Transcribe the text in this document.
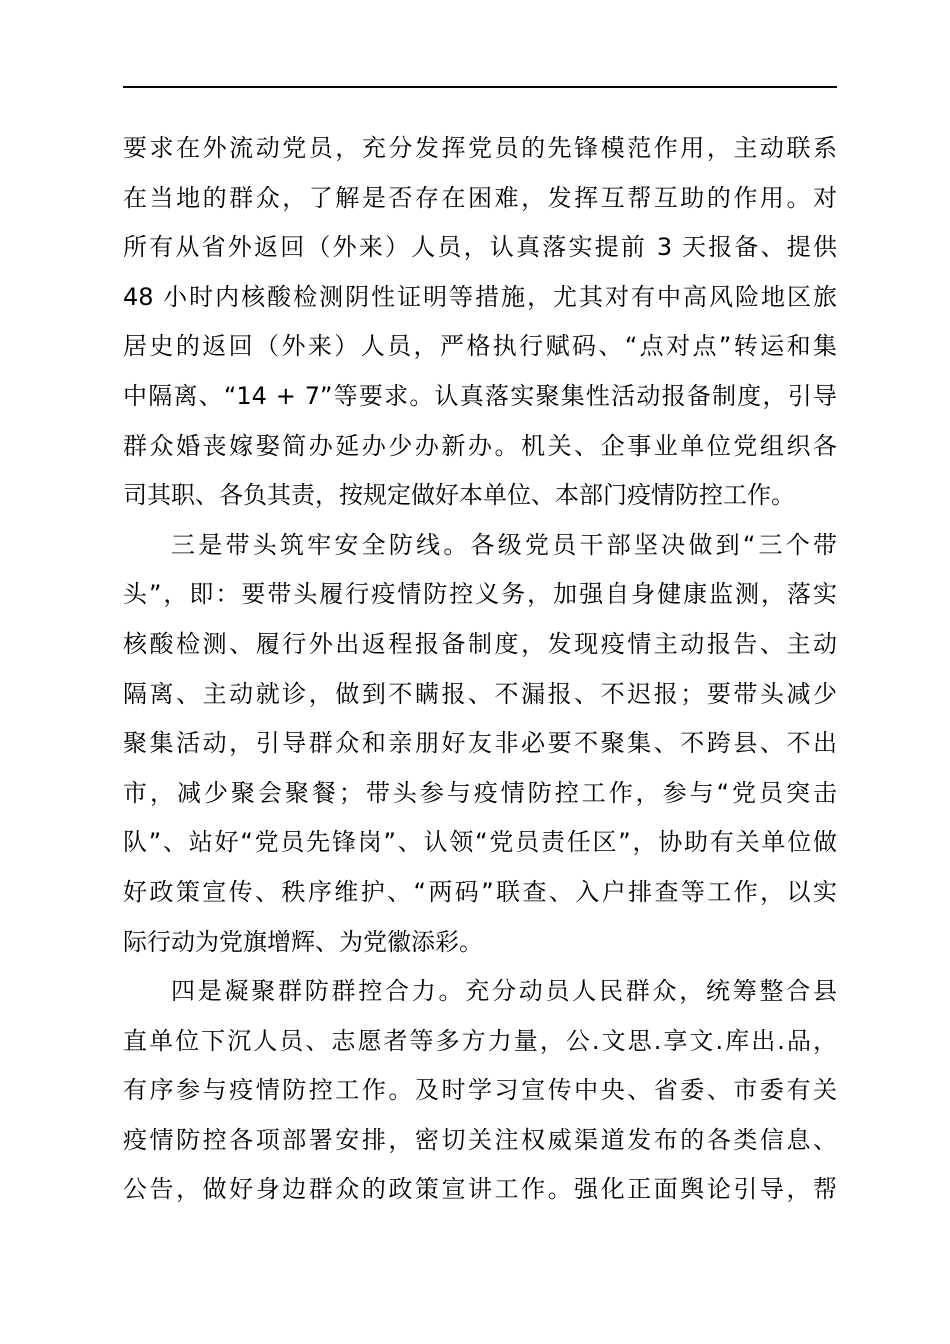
要求在外流动党员，充分发挥党员的先锋模范作用，主动联系
在当地的群众，了解是否存在困难，发挥互帮互助的作用。对
所有从省外返回（外来）人员，认真落实提前 3 天报备、提供
48 小时内核酸检测阴性证明等措施，尤其对有中高风险地区旅
居史的返回（外来）人员，严格执行赋码、“点对点”转运和集
中隔离、“14 + 7”等要求。认真落实聚集性活动报备制度，引导
群众婚丧嫁娶简办延办少办新办。机关、企事业单位党组织各
司其职、各负其责，按规定做好本单位、本部门疫情防控工作。
三是带头筑牢安全防线。各级党员干部坚决做到“三个带
头”，即：要带头履行疫情防控义务，加强自身健康监测，落实
核酸检测、履行外出返程报备制度，发现疫情主动报告、主动
隔离、主动就诊，做到不瞒报、不漏报、不迟报；要带头减少
聚集活动，引导群众和亲朋好友非必要不聚集、不跨县、不出
市，减少聚会聚餐；带头参与疫情防控工作，参与“党员突击
队”、站好“党员先锋岗”、认领“党员责任区”，协助有关单位做
好政策宣传、秩序维护、“两码”联查、入户排查等工作，以实
际行动为党旗增辉、为党徽添彩。
四是凝聚群防群控合力。充分动员人民群众，统筹整合县
直单位下沉人员、志愿者等多方力量，公.文思.享文.库出.品，
有序参与疫情防控工作。及时学习宣传中央、省委、市委有关
疫情防控各项部署安排，密切关注权威渠道发布的各类信息、
公告，做好身边群众的政策宣讲工作。强化正面舆论引导，帮
